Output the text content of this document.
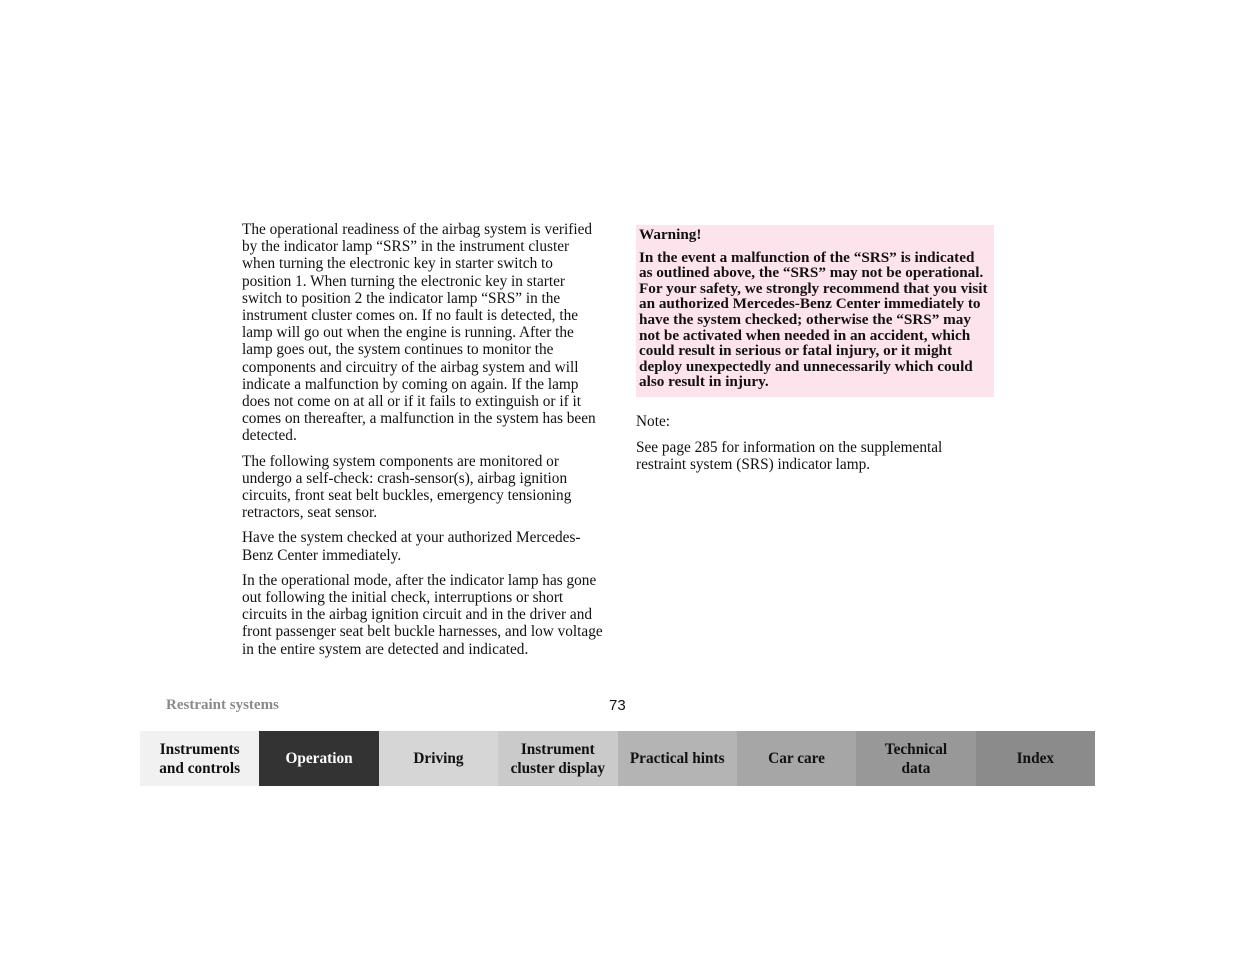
The operational readiness of the airbag system is verified by the indicator lamp “SRS” in the instrument cluster when turning the electronic key in starter switch to position 1. When turning the electronic key in starter switch to position 2 the indicator lamp “SRS” in the instrument cluster comes on. If no fault is detected, the lamp will go out when the engine is running. After the lamp goes out, the system continues to monitor the components and circuitry of the airbag system and will indicate a malfunction by coming on again. If the lamp does not come on at all or if it fails to extinguish or if it comes on thereafter, a malfunction in the system has been detected.

The following system components are monitored or undergo a self-check: crash-sensor(s), airbag ignition circuits, front seat belt buckles, emergency tensioning retractors, seat sensor.

Have the system checked at your authorized Mercedes-Benz Center immediately.

In the operational mode, after the indicator lamp has gone out following the initial check, interruptions or short circuits in the airbag ignition circuit and in the driver and front passenger seat belt buckle harnesses, and low voltage in the entire system are detected and indicated.

Warning!

In the event a malfunction of the “SRS” is indicated as outlined above, the “SRS” may not be operational. For your safety, we strongly recommend that you visit an authorized Mercedes-Benz Center immediately to have the system checked; otherwise the “SRS” may not be activated when needed in an accident, which could result in serious or fatal injury, or it might deploy unexpectedly and unnecessarily which could also result in injury.

Note:

See page 285 for information on the supplemental restraint system (SRS) indicator lamp.

Restraint systems	73
Instruments
and controls
Operation	Driving
Instrument
cluster display
Practical hints	Car care
Technical
data
Index
